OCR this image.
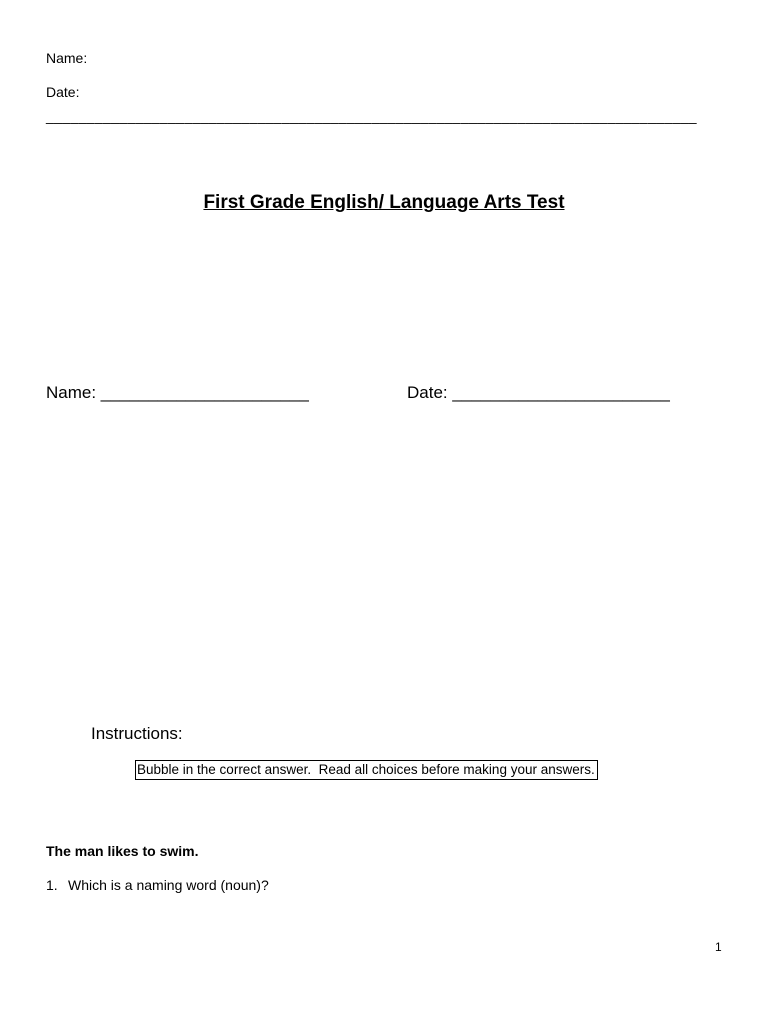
Name:
Date:
________________________________________________________________________________
First Grade English/ Language Arts Test
Name: ______________________	Date: _______________________
Instructions:
Bubble in the correct answer.  Read all choices before making your answers.
The man likes to swim.
1. Which is a naming word (noun)?
1
